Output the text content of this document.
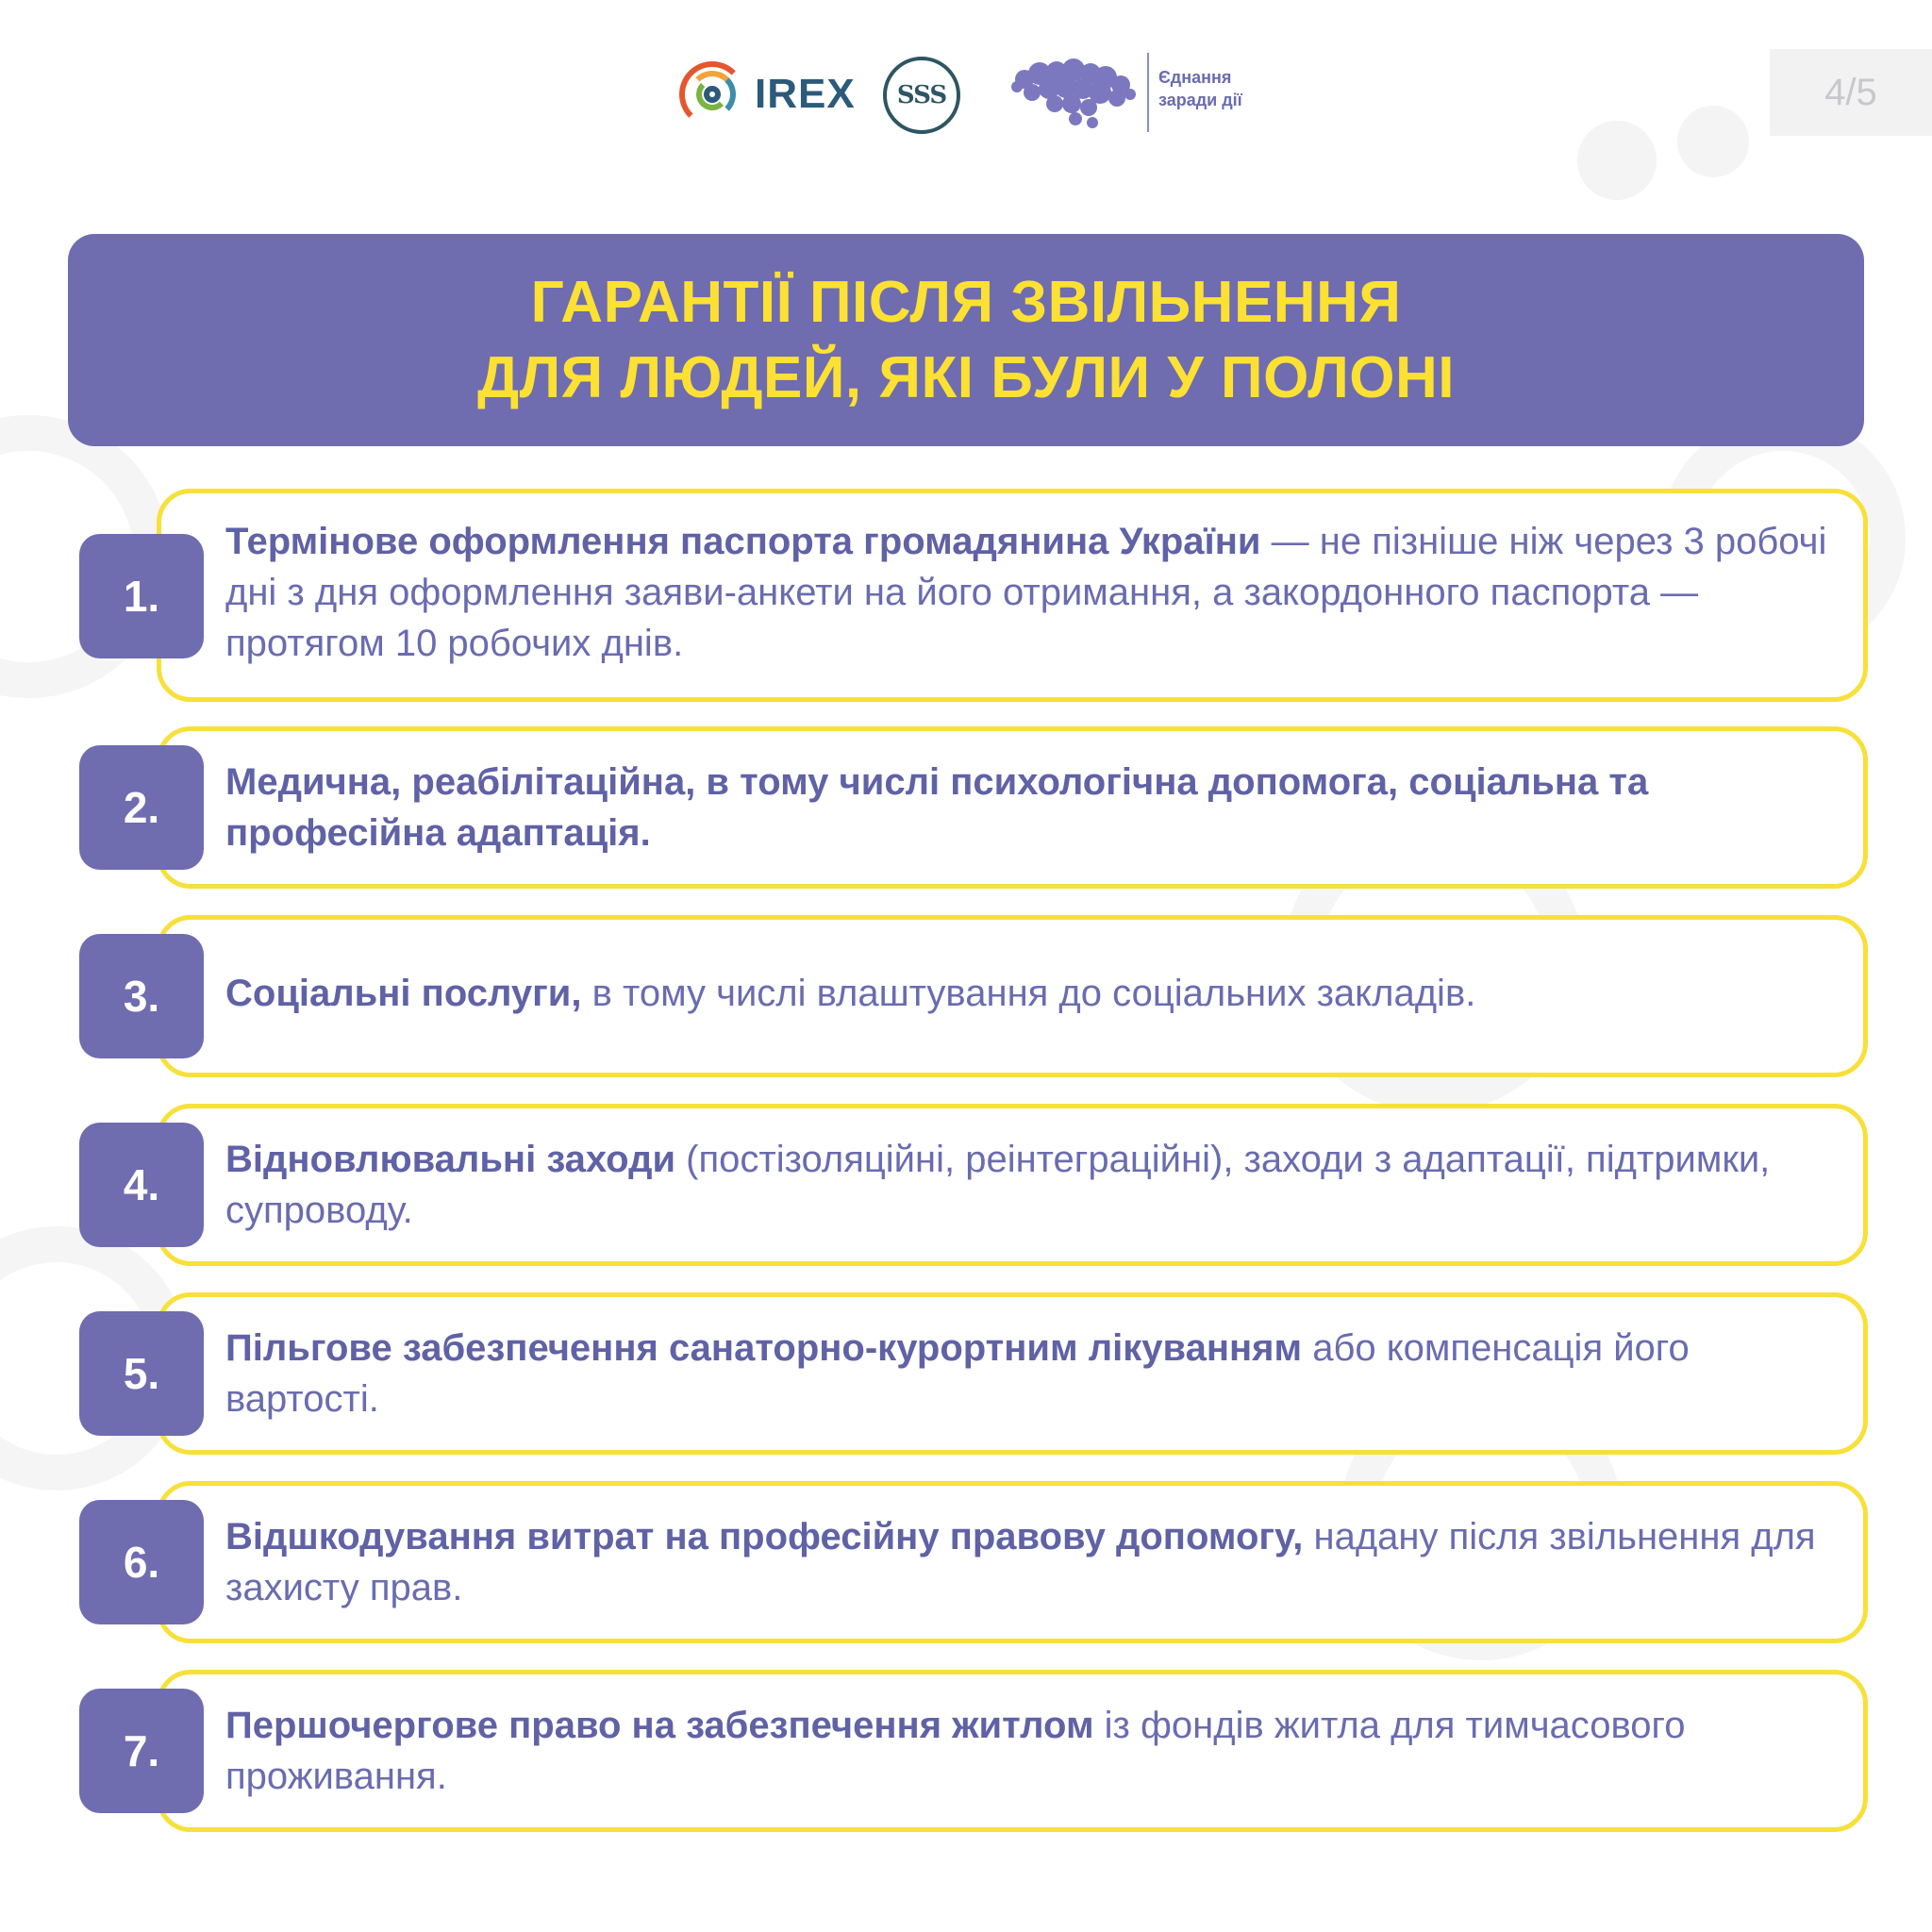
IREX	SSS
Єднання
заради дії	4/5
ГАРАНТІЇ ПІСЛЯ ЗВІЛЬНЕННЯ
ДЛЯ ЛЮДЕЙ, ЯКІ БУЛИ У ПОЛОНІ
1.
Термінове оформлення паспорта громадянина України — не пізніше ніж через 3 робочі дні з дня оформлення заяви-анкети на його отримання, а закордонного паспорта — протягом 10 робочих днів.
2.
Медична, реабілітаційна, в тому числі психологічна допомога, соціальна та професійна адаптація.
3.	Соціальні послуги, в тому числі влаштування до соціальних закладів.
4.
Відновлювальні заходи (постізоляційні, реінтеграційні), заходи з адаптації, підтримки, супроводу.
5.
Пільгове забезпечення санаторно-курортним лікуванням або компенсація його вартості.
6.
Відшкодування витрат на професійну правову допомогу, надану після звільнення для захисту прав.
7.
Першочергове право на забезпечення житлом із фондів житла для тимчасового проживання.
